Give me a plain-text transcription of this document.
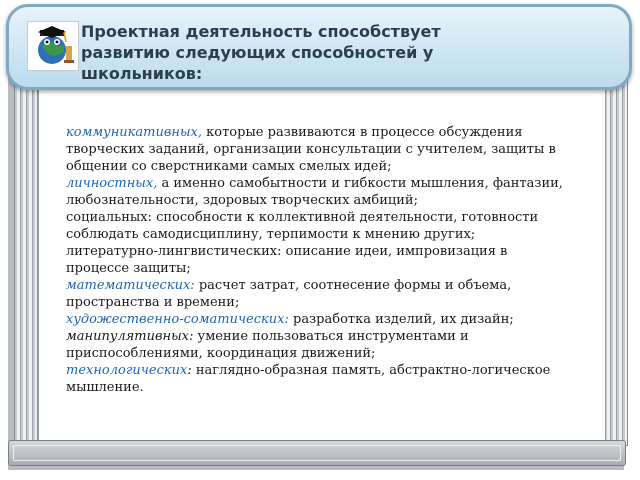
Проектная деятельность способствует развитию следующих способностей у школьников:

коммуникативных, которые развиваются в процессе обсуждения творческих заданий, организации консультации с учителем, защиты в общении со сверстниками самых смелых идей;

личностных, а именно самобытности и гибкости мышления, фантазии, любознательности, здоровых творческих амбиций;

социальных: способности к коллективной деятельности, готовности соблюдать самодисциплину, терпимости к мнению других;

литературно-лингвистических: описание идеи, импровизация в процессе защиты;

математических: расчет затрат, соотнесение формы и объема, пространства и времени;

художественно-соматических: разработка изделий, их дизайн;

манипулятивных: умение пользоваться инструментами и приспособлениями, координация движений;

технологических: наглядно-образная память, абстрактно-логическое мышление.
